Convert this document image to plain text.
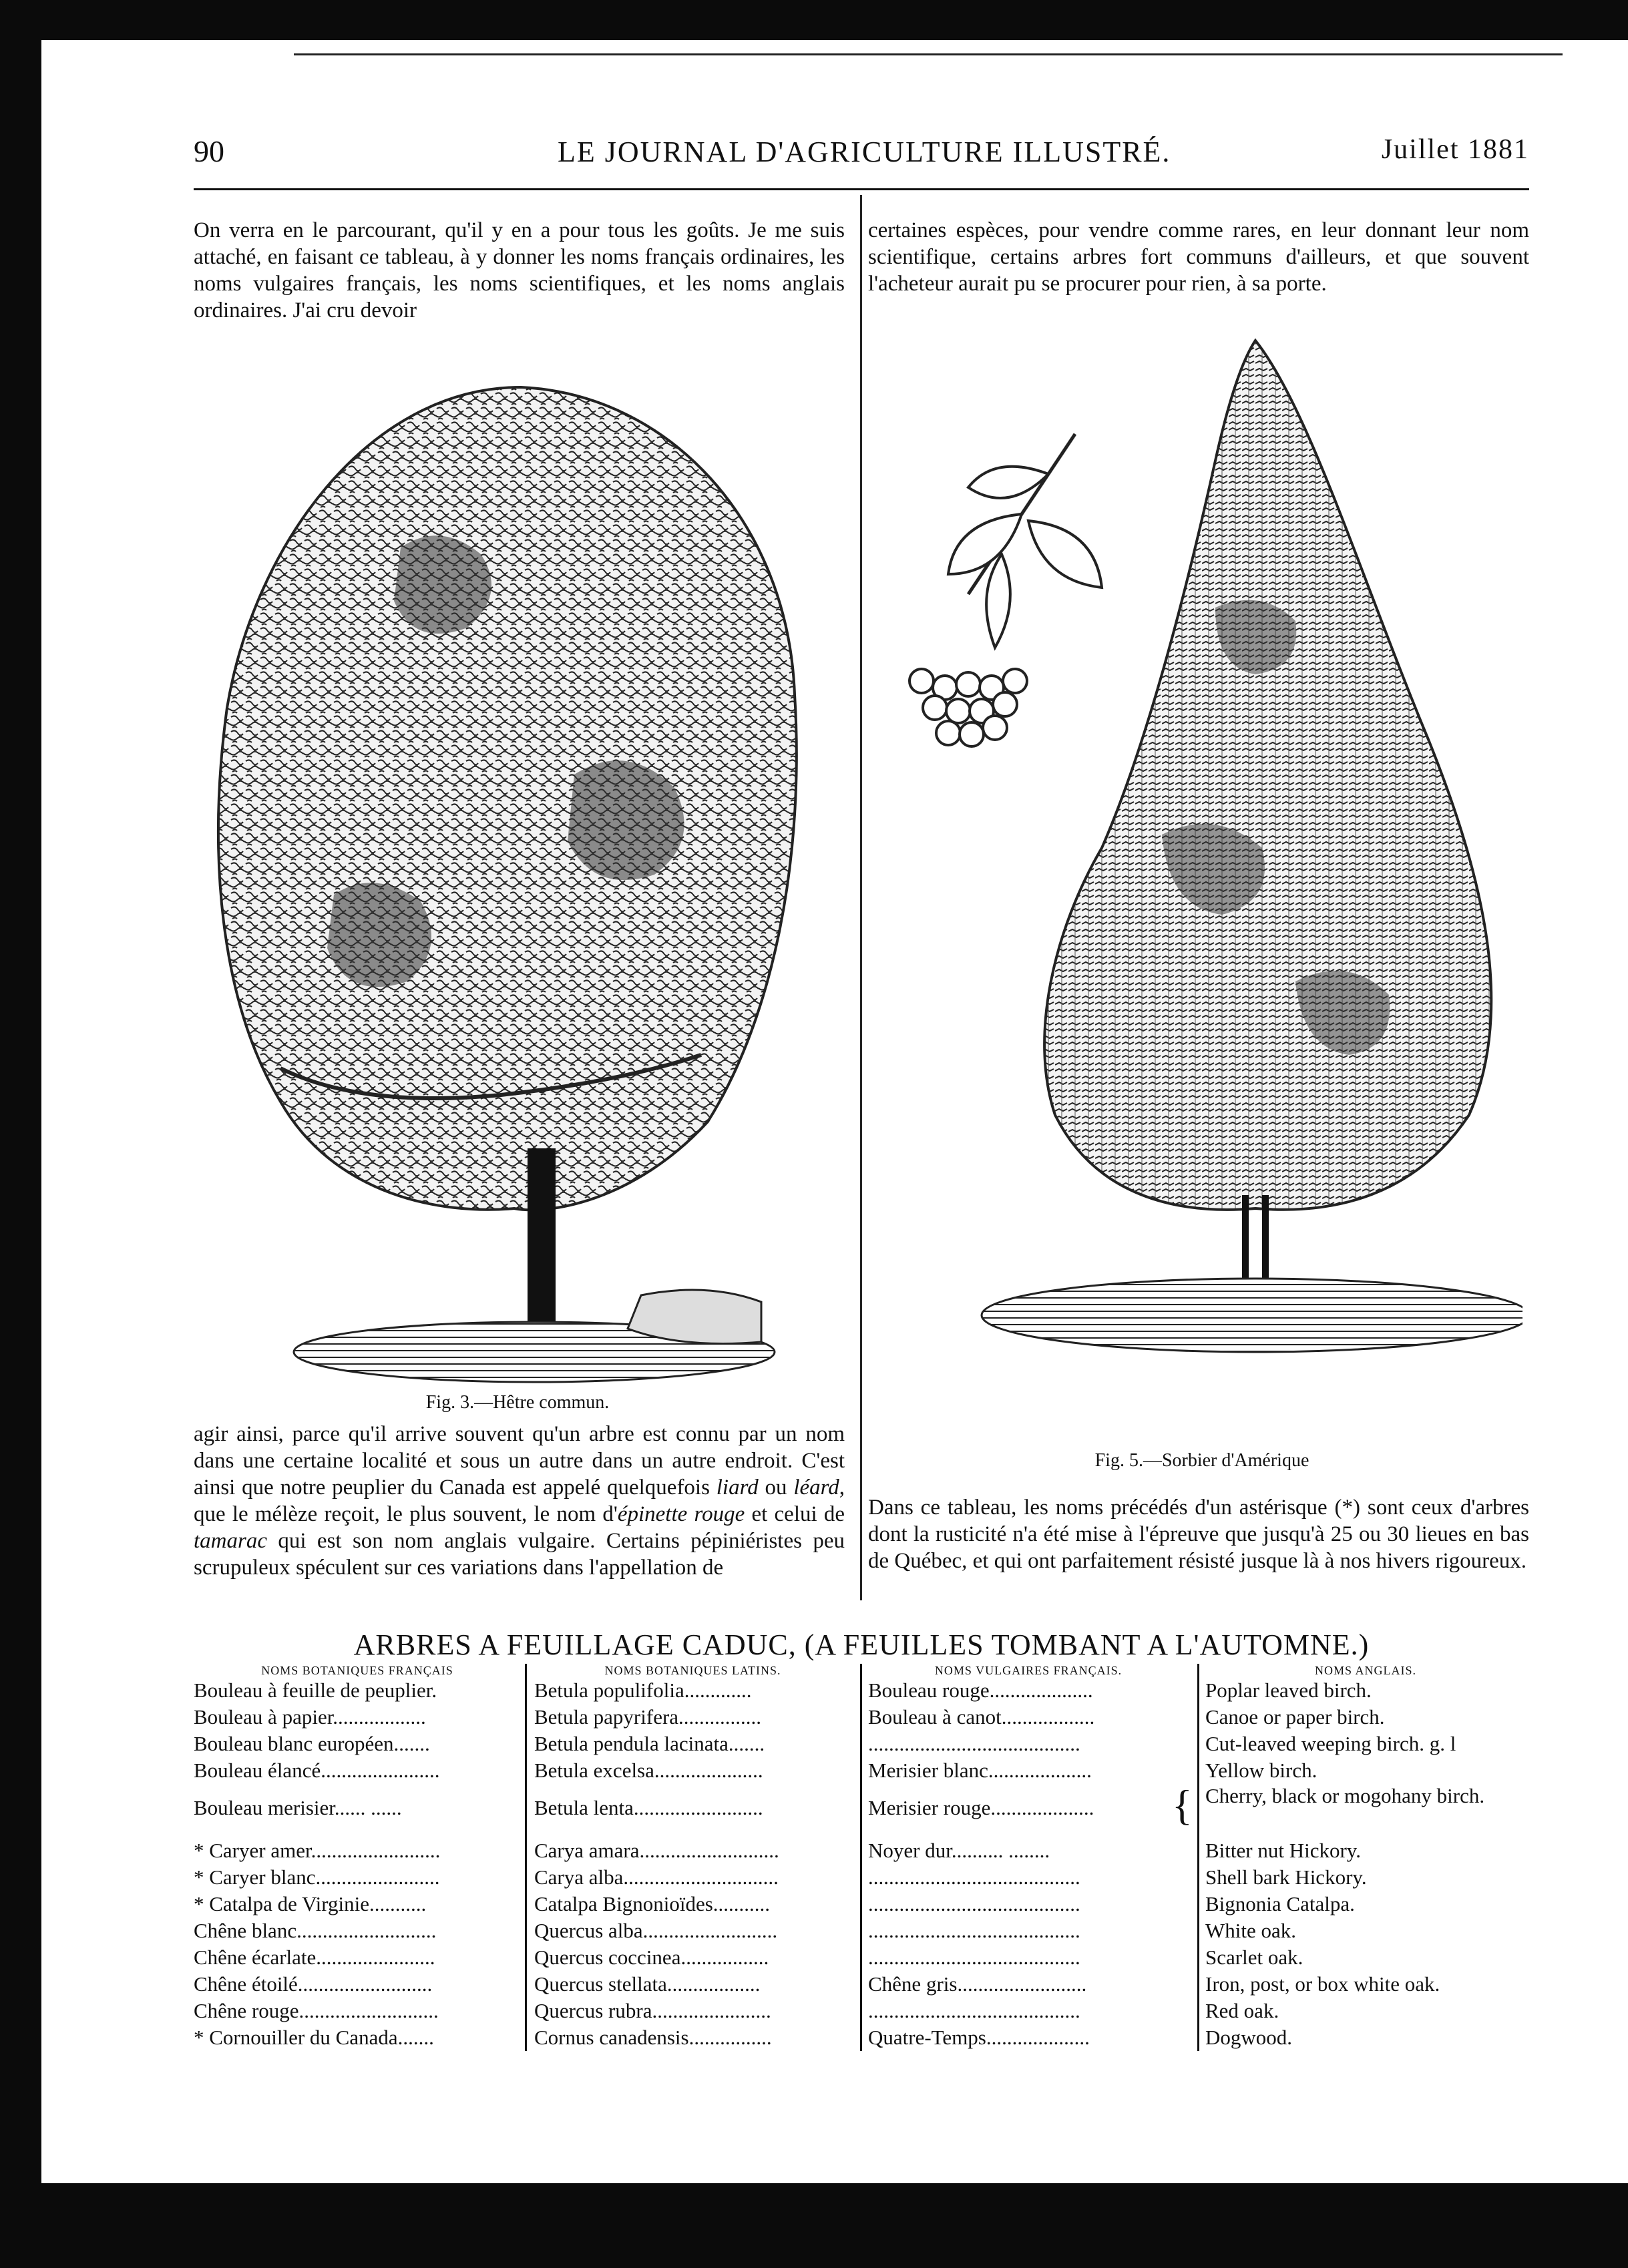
90	LE JOURNAL D'AGRICULTURE ILLUSTRÉ.	Juillet 1881
On verra en le parcourant, qu'il y en a pour tous les goûts. Je me suis attaché, en faisant ce tableau, à y donner les noms français ordinaires, les noms vulgaires français, les noms scientifiques, et les noms anglais ordinaires. J'ai cru devoir
certaines espèces, pour vendre comme rares, en leur donnant leur nom scientifique, certains arbres fort communs d'ailleurs, et que souvent l'acheteur aurait pu se procurer pour rien, à sa porte.
Fig. 3.—Hêtre commun.
Fig. 5.—Sorbier d'Amérique
agir ainsi, parce qu'il arrive souvent qu'un arbre est connu par un nom dans une certaine localité et sous un autre dans un autre endroit. C'est ainsi que notre peuplier du Canada est appelé quelquefois liard ou léard, que le mélèze reçoit, le plus souvent, le nom d'épinette rouge et celui de tamarac qui est son nom anglais vulgaire. Certains pépiniéristes peu scrupuleux spéculent sur ces variations dans l'appellation de
Dans ce tableau, les noms précédés d'un astérisque (*) sont ceux d'arbres dont la rusticité n'a été mise à l'épreuve que jusqu'à 25 ou 30 lieues en bas de Québec, et qui ont parfaitement résisté jusque là à nos hivers rigoureux.
ARBRES A FEUILLAGE CADUC, (A FEUILLES TOMBANT A L'AUTOMNE.)
NOMS BOTANIQUES FRANÇAIS	NOMS BOTANIQUES LATINS.	NOMS VULGAIRES FRANÇAIS.	NOMS ANGLAIS.
Bouleau à feuille de peuplier.	Betula populifolia.............	Bouleau rouge....................	Poplar leaved birch.
Bouleau à papier..................	Betula papyrifera................	Bouleau à canot..................	Canoe or paper birch.
Bouleau blanc européen.......	Betula pendula lacinata.......	.........................................	Cut-leaved weeping birch. g. l
Bouleau élancé.......................	Betula excelsa.....................	Merisier blanc....................	Yellow birch.
Bouleau merisier...... ......	Betula lenta.........................	Merisier rouge.................... { Cherry, black or mogohany birch.
* Caryer amer.........................	Carya amara...........................	Noyer dur.......... ........	Bitter nut Hickory.
* Caryer blanc........................	Carya alba..............................	.........................................	Shell bark Hickory.
* Catalpa de Virginie...........	Catalpa Bignonioïdes...........	.........................................	Bignonia Catalpa.
Chêne blanc...........................	Quercus alba..........................	.........................................	White oak.
Chêne écarlate.......................	Quercus coccinea.................	.........................................	Scarlet oak.
Chêne étoilé..........................	Quercus stellata..................	Chêne gris.........................	Iron, post, or box white oak.
Chêne rouge...........................	Quercus rubra.......................	.........................................	Red oak.
* Cornouiller du Canada.......	Cornus canadensis................	Quatre-Temps....................	Dogwood.
